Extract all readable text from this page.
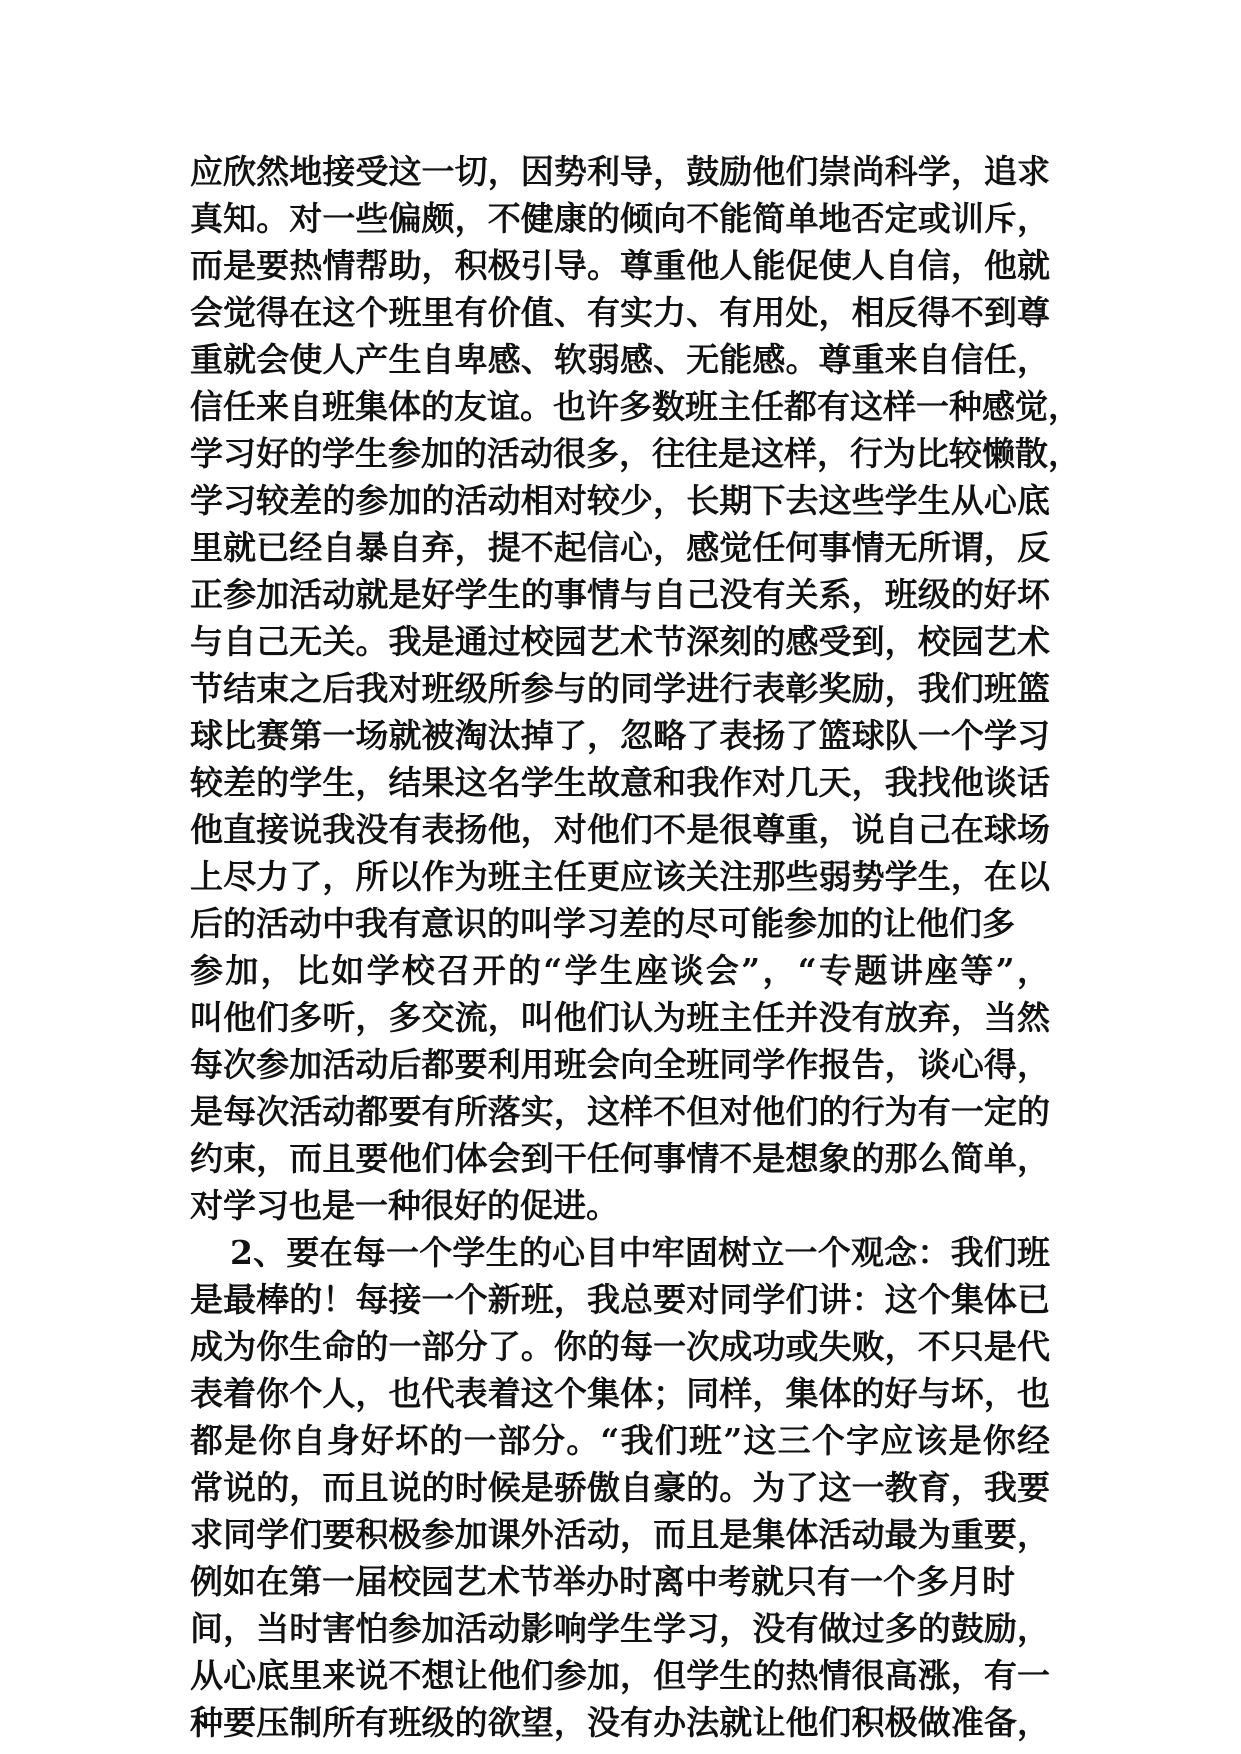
应欣然地接受这一切，因势利导，鼓励他们崇尚科学，追求
真知。对一些偏颇，不健康的倾向不能简单地否定或训斥，
而是要热情帮助，积极引导。尊重他人能促使人自信，他就
会觉得在这个班里有价值、有实力、有用处，相反得不到尊
重就会使人产生自卑感、软弱感、无能感。尊重来自信任，
信任来自班集体的友谊。也许多数班主任都有这样一种感觉，
学习好的学生参加的活动很多，往往是这样，行为比较懒散，
学习较差的参加的活动相对较少，长期下去这些学生从心底
里就已经自暴自弃，提不起信心，感觉任何事情无所谓，反
正参加活动就是好学生的事情与自己没有关系，班级的好坏
与自己无关。我是通过校园艺术节深刻的感受到，校园艺术
节结束之后我对班级所参与的同学进行表彰奖励，我们班篮
球比赛第一场就被淘汰掉了，忽略了表扬了篮球队一个学习
较差的学生，结果这名学生故意和我作对几天，我找他谈话
他直接说我没有表扬他，对他们不是很尊重，说自己在球场
上尽力了，所以作为班主任更应该关注那些弱势学生，在以
后的活动中我有意识的叫学习差的尽可能参加的让他们多
参加，比如学校召开的“学生座谈会”，“专题讲座等”，
叫他们多听，多交流，叫他们认为班主任并没有放弃，当然
每次参加活动后都要利用班会向全班同学作报告，谈心得，
是每次活动都要有所落实，这样不但对他们的行为有一定的
约束，而且要他们体会到干任何事情不是想象的那么简单，
对学习也是一种很好的促进。
2、要在每一个学生的心目中牢固树立一个观念：我们班
是最棒的！每接一个新班，我总要对同学们讲：这个集体已
成为你生命的一部分了。你的每一次成功或失败，不只是代
表着你个人，也代表着这个集体；同样，集体的好与坏，也
都是你自身好坏的一部分。“我们班”这三个字应该是你经
常说的，而且说的时候是骄傲自豪的。为了这一教育，我要
求同学们要积极参加课外活动，而且是集体活动最为重要，
例如在第一届校园艺术节举办时离中考就只有一个多月时
间，当时害怕参加活动影响学生学习，没有做过多的鼓励，
从心底里来说不想让他们参加，但学生的热情很高涨，有一
种要压制所有班级的欲望，没有办法就让他们积极做准备，
